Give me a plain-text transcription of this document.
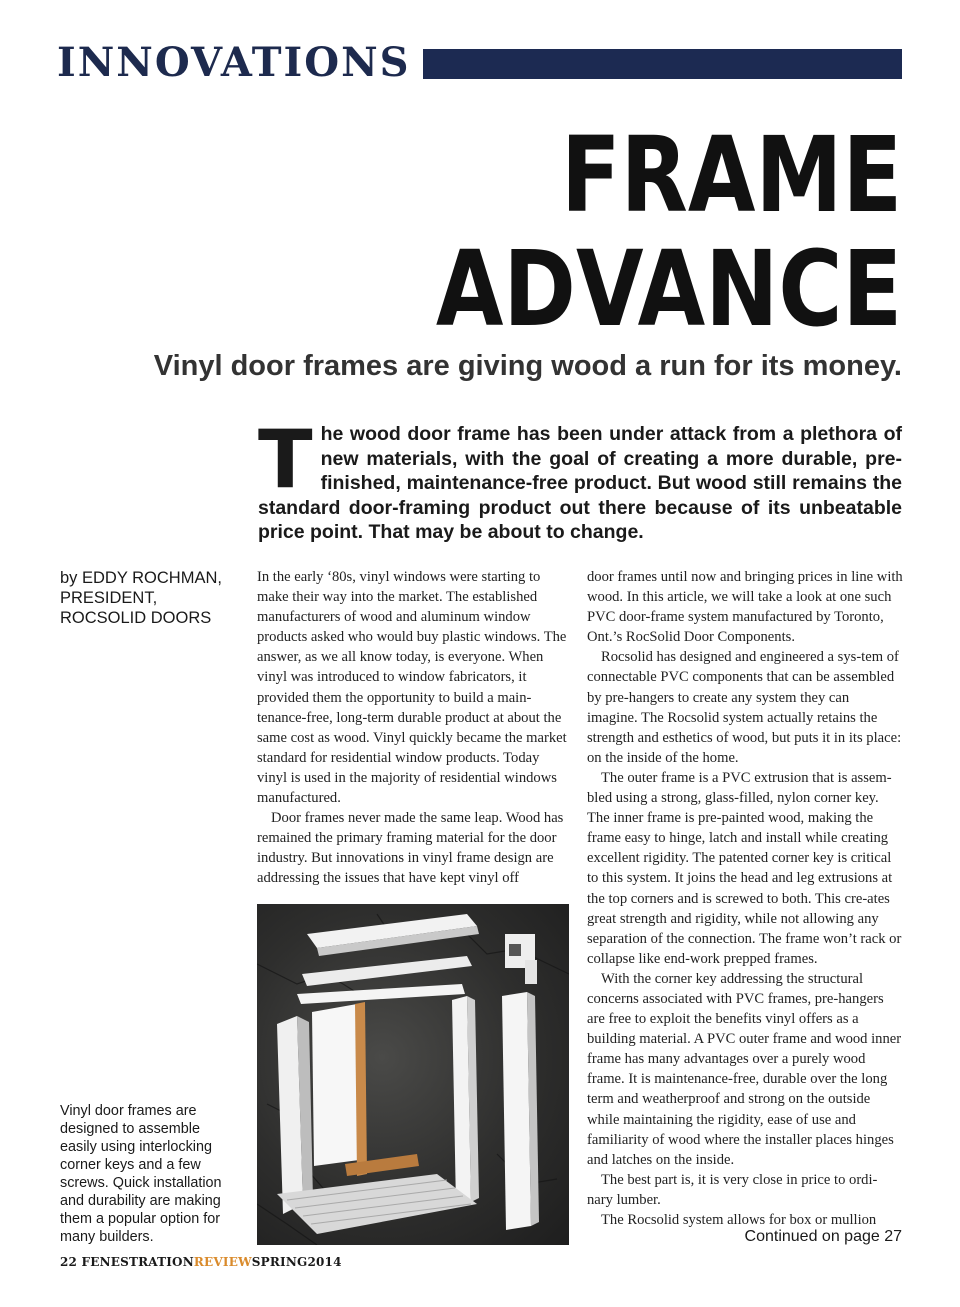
INNOVATIONS
FRAME
ADVANCE
Vinyl door frames are giving wood a run for its money.
T he wood door frame has been under attack from a plethora of new materials, with the goal of creating a more durable, pre-finished, maintenance-free product. But wood still remains the standard door-framing product out there because of its unbeatable price point. That may be about to change.
by EDDY ROCHMAN,
PRESIDENT,
ROCSOLID DOORS

In the early ‘80s, vinyl windows were starting to make their way into the market. The established manufacturers of wood and aluminum window products asked who would buy plastic windows. The answer, as we all know today, is everyone. When vinyl was introduced to window fabricators, it provided them the opportunity to build a main-tenance-free, long-term durable product at about the same cost as wood. Vinyl quickly became the market standard for residential window products. Today vinyl is used in the majority of residential windows manufactured.

Door frames never made the same leap. Wood has remained the primary framing material for the door industry. But innovations in vinyl frame design are addressing the issues that have kept vinyl off

door frames until now and bringing prices in line with wood. In this article, we will take a look at one such PVC door-frame system manufactured by Toronto, Ont.’s RocSolid Door Components.

Rocsolid has designed and engineered a sys-tem of connectable PVC components that can be assembled by pre-hangers to create any system they can imagine. The Rocsolid system actually retains the strength and esthetics of wood, but puts it in its place: on the inside of the home.

The outer frame is a PVC extrusion that is assem-bled using a strong, glass-filled, nylon corner key. The inner frame is pre-painted wood, making the frame easy to hinge, latch and install while creating excellent rigidity. The patented corner key is critical to this system. It joins the head and leg extrusions at the top corners and is screwed to both. This cre-ates great strength and rigidity, while not allowing any separation of the connection. The frame won’t rack or collapse like end-work prepped frames.

With the corner key addressing the structural concerns associated with PVC frames, pre-hangers are free to exploit the benefits vinyl offers as a building material. A PVC outer frame and wood inner frame has many advantages over a purely wood frame. It is maintenance-free, durable over the long term and weatherproof and strong on the outside while maintaining the rigidity, ease of use and familiarity of wood where the installer places hinges and latches on the inside.

The best part is, it is very close in price to ordi-nary lumber.

The Rocsolid system allows for box or mullion

Vinyl door frames are designed to assemble easily using interlocking corner keys and a few screws. Quick installation and durability are making them a popular option for many builders.	Continued on page 27
22 FENESTRATIONREVIEWSPRING2014
